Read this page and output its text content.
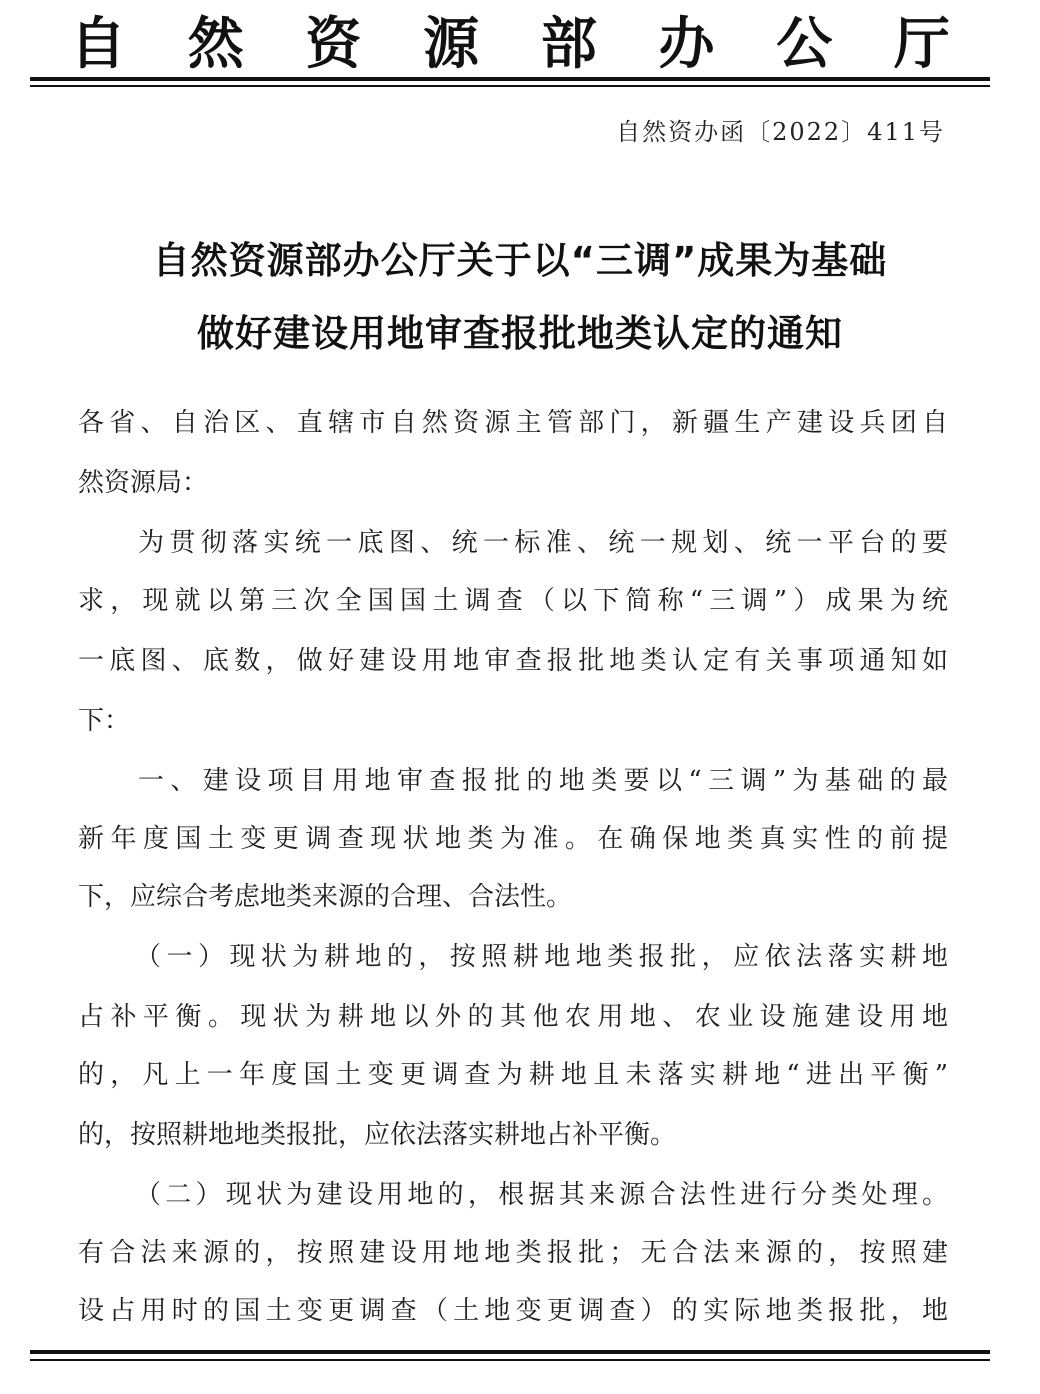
自 然 资 源 部 办 公 厅
自然资办函〔2022〕411号
自然资源部办公厅关于以“三调”成果为基础
做好建设用地审查报批地类认定的通知
各省、自治区、直辖市自然资源主管部门，新疆生产建设兵团自
然资源局：
为贯彻落实统一底图、统一标准、统一规划、统一平台的要
求，现就以第三次全国国土调查（以下简称“三调”）成果为统
一底图、底数，做好建设用地审查报批地类认定有关事项通知如
下：
一、建设项目用地审查报批的地类要以“三调”为基础的最
新年度国土变更调查现状地类为准。在确保地类真实性的前提
下，应综合考虑地类来源的合理、合法性。
（一）现状为耕地的，按照耕地地类报批，应依法落实耕地
占补平衡。现状为耕地以外的其他农用地、农业设施建设用地
的，凡上一年度国土变更调查为耕地且未落实耕地“进出平衡”
的，按照耕地地类报批，应依法落实耕地占补平衡。
（二）现状为建设用地的，根据其来源合法性进行分类处理。
有合法来源的，按照建设用地地类报批；无合法来源的，按照建
设占用时的国土变更调查（土地变更调查）的实际地类报批，地
